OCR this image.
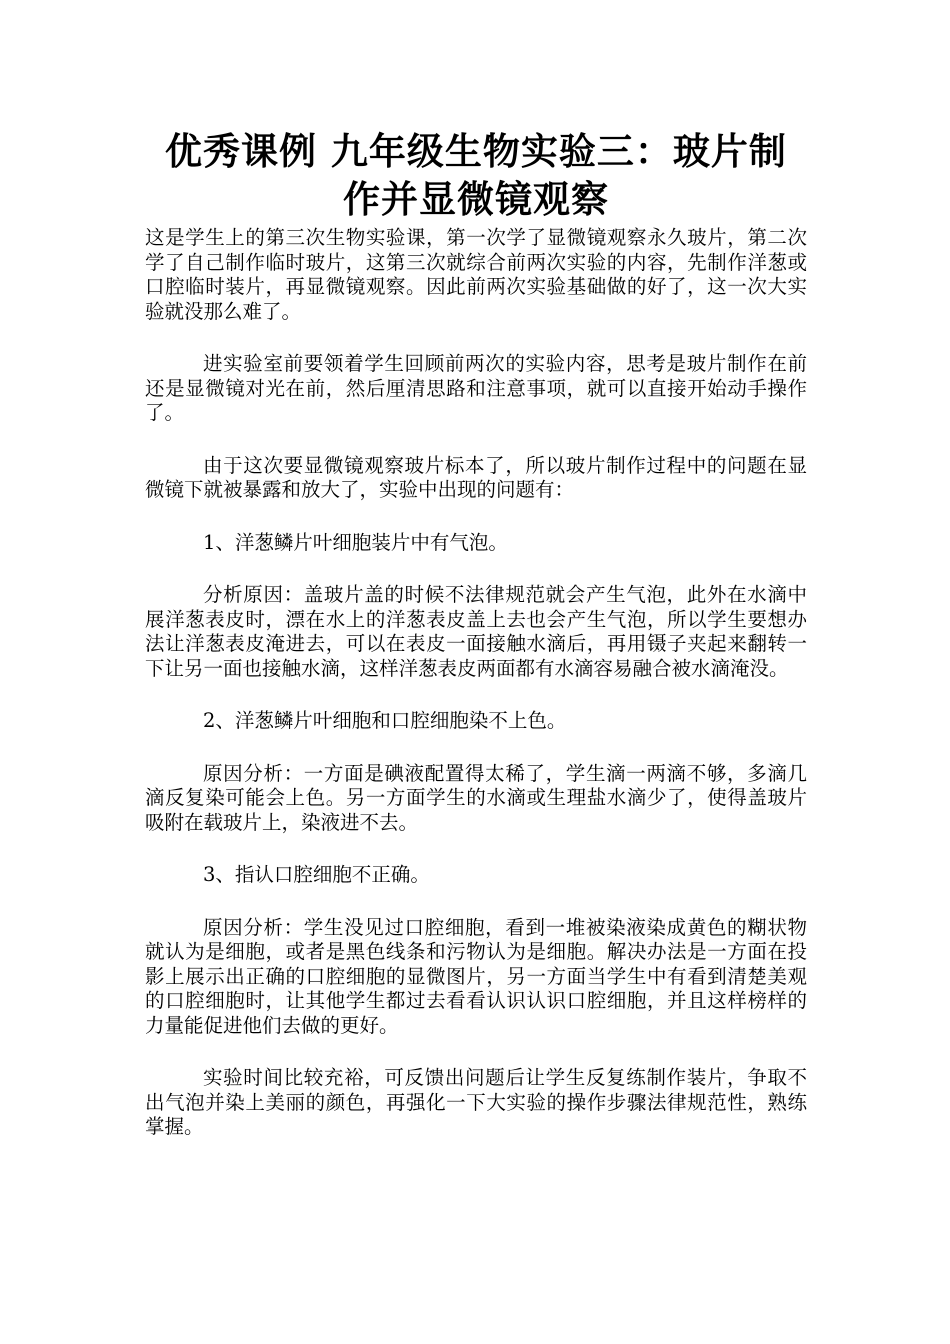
优秀课例 九年级生物实验三：玻片制
作并显微镜观察

这是学生上的第三次生物实验课，第一次学了显微镜观察永久玻片，第二次学了自己制作临时玻片，这第三次就综合前两次实验的内容，先制作洋葱或口腔临时装片，再显微镜观察。因此前两次实验基础做的好了，这一次大实验就没那么难了。

进实验室前要领着学生回顾前两次的实验内容，思考是玻片制作在前还是显微镜对光在前，然后厘清思路和注意事项，就可以直接开始动手操作了。

由于这次要显微镜观察玻片标本了，所以玻片制作过程中的问题在显微镜下就被暴露和放大了，实验中出现的问题有：

1、洋葱鳞片叶细胞装片中有气泡。

分析原因：盖玻片盖的时候不法律规范就会产生气泡，此外在水滴中展洋葱表皮时，漂在水上的洋葱表皮盖上去也会产生气泡，所以学生要想办法让洋葱表皮淹进去，可以在表皮一面接触水滴后，再用镊子夹起来翻转一下让另一面也接触水滴，这样洋葱表皮两面都有水滴容易融合被水滴淹没。

2、洋葱鳞片叶细胞和口腔细胞染不上色。

原因分析：一方面是碘液配置得太稀了，学生滴一两滴不够，多滴几滴反复染可能会上色。另一方面学生的水滴或生理盐水滴少了，使得盖玻片吸附在载玻片上，染液进不去。

3、指认口腔细胞不正确。

原因分析：学生没见过口腔细胞，看到一堆被染液染成黄色的糊状物就认为是细胞，或者是黑色线条和污物认为是细胞。解决办法是一方面在投影上展示出正确的口腔细胞的显微图片，另一方面当学生中有看到清楚美观的口腔细胞时，让其他学生都过去看看认识认识口腔细胞，并且这样榜样的力量能促进他们去做的更好。

实验时间比较充裕，可反馈出问题后让学生反复练制作装片，争取不出气泡并染上美丽的颜色，再强化一下大实验的操作步骤法律规范性，熟练掌握。
